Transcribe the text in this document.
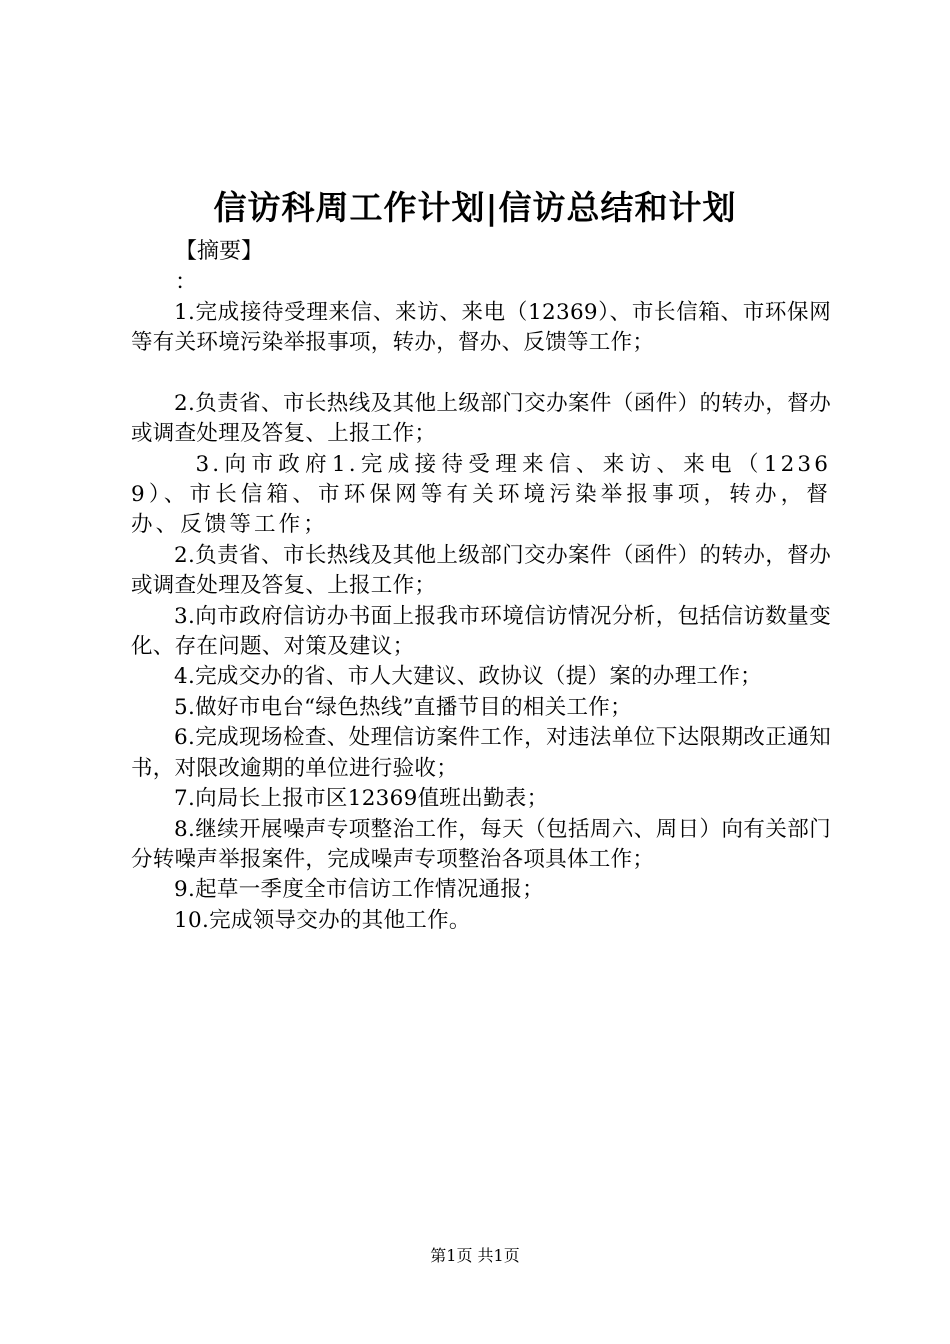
信访科周工作计划|信访总结和计划
【摘要】
：

1.完成接待受理来信、来访、来电（12369）、市长信箱、市环保网等有关环境污染举报事项，转办，督办、反馈等工作；

2.负责省、市长热线及其他上级部门交办案件（函件）的转办，督办或调查处理及答复、上报工作；

3.向市政府1.完成接待受理来信、来访、来电（12369）、市长信箱、市环保网等有关环境污染举报事项，转办，督办、反馈等工作；

2.负责省、市长热线及其他上级部门交办案件（函件）的转办，督办或调查处理及答复、上报工作；

3.向市政府信访办书面上报我市环境信访情况分析，包括信访数量变化、存在问题、对策及建议；

4.完成交办的省、市人大建议、政协议（提）案的办理工作；

5.做好市电台“绿色热线”直播节目的相关工作；

6.完成现场检查、处理信访案件工作，对违法单位下达限期改正通知书，对限改逾期的单位进行验收；

7.向局长上报市区12369值班出勤表；

8.继续开展噪声专项整治工作，每天（包括周六、周日）向有关部门分转噪声举报案件，完成噪声专项整治各项具体工作；

9.起草一季度全市信访工作情况通报；

10.完成领导交办的其他工作。

第1页 共1页
